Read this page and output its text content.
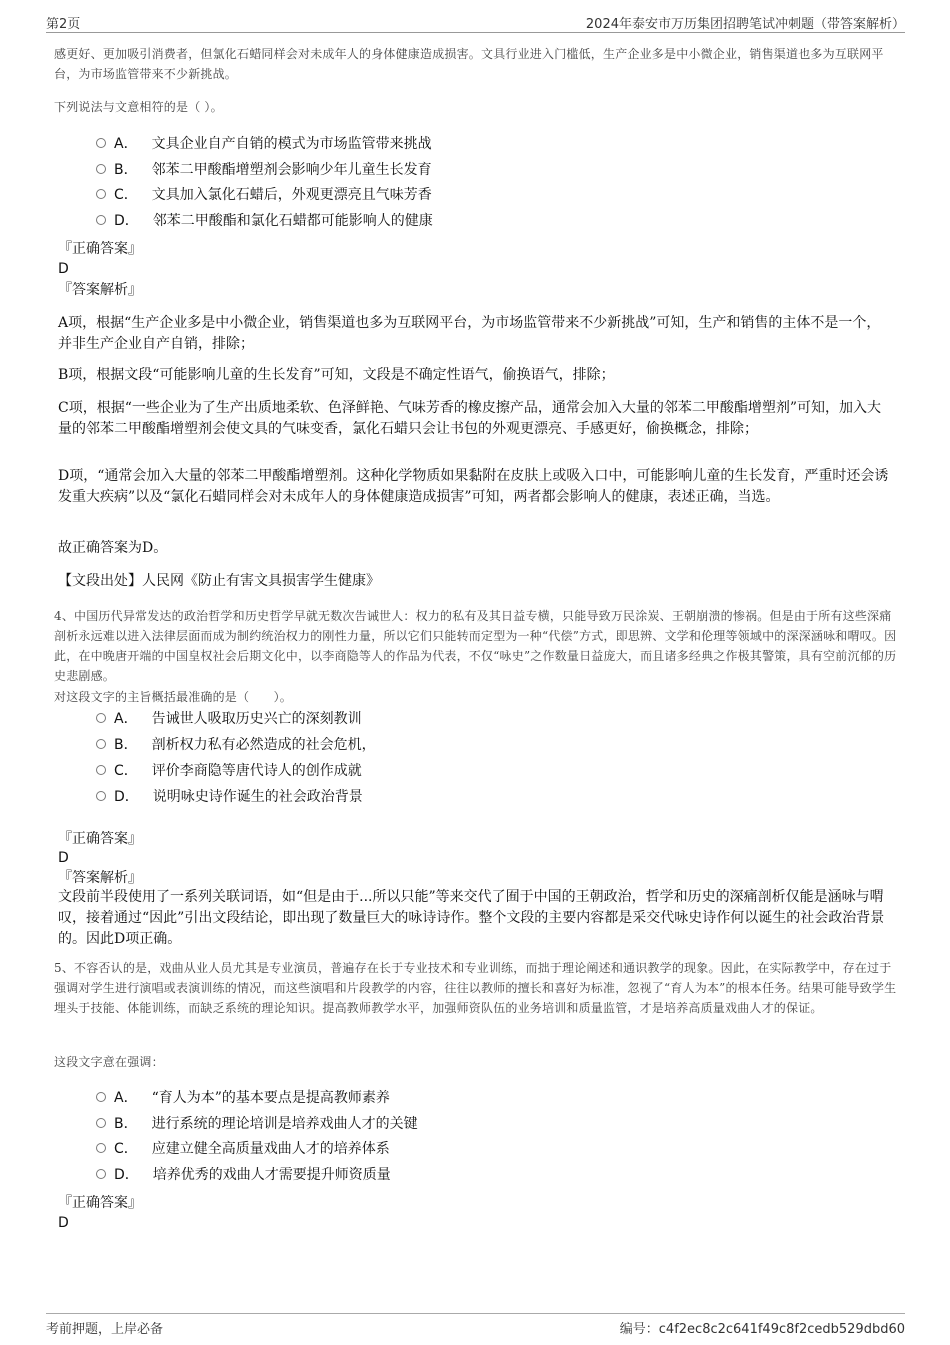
第2页	2024年泰安市万历集团招聘笔试冲刺题（带答案解析）

感更好、更加吸引消费者，但氯化石蜡同样会对未成年人的身体健康造成损害。文具行业进入门槛低，生产企业多是中小微企业，销售渠道也多为互联网平台，为市场监管带来不少新挑战。

下列说法与文意相符的是（ ）。

A． 文具企业自产自销的模式为市场监管带来挑战
B． 邻苯二甲酸酯增塑剂会影响少年儿童生长发育
C． 文具加入氯化石蜡后，外观更漂亮且气味芳香
D． 邻苯二甲酸酯和氯化石蜡都可能影响人的健康

『正确答案』

D

『答案解析』

A项，根据“生产企业多是中小微企业，销售渠道也多为互联网平台，为市场监管带来不少新挑战”可知，生产和销售的主体不是一个，并非生产企业自产自销，排除；

B项，根据文段“可能影响儿童的生长发育”可知，文段是不确定性语气，偷换语气，排除；

C项，根据“一些企业为了生产出质地柔软、色泽鲜艳、气味芳香的橡皮擦产品，通常会加入大量的邻苯二甲酸酯增塑剂”可知，加入大量的邻苯二甲酸酯增塑剂会使文具的气味变香，氯化石蜡只会让书包的外观更漂亮、手感更好，偷换概念，排除；

D项，“通常会加入大量的邻苯二甲酸酯增塑剂。这种化学物质如果黏附在皮肤上或吸入口中，可能影响儿童的生长发育，严重时还会诱发重大疾病”以及“氯化石蜡同样会对未成年人的身体健康造成损害”可知，两者都会影响人的健康，表述正确，当选。

故正确答案为D。

【文段出处】人民网《防止有害文具损害学生健康》

4、中国历代异常发达的政治哲学和历史哲学早就无数次告诫世人：权力的私有及其日益专横，只能导致万民涂炭、王朝崩溃的惨祸。但是由于所有这些深痛剖析永远难以进入法律层面而成为制约统治权力的刚性力量，所以它们只能转而定型为一种“代偿”方式，即思辨、文学和伦理等领域中的深深涵咏和喟叹。因此，在中晚唐开端的中国皇权社会后期文化中，以李商隐等人的作品为代表，不仅“咏史”之作数量日益庞大，而且诸多经典之作极其警策，具有空前沉郁的历史悲剧感。

对这段文字的主旨概括最准确的是（　　）。

A． 告诫世人吸取历史兴亡的深刻教训
B． 剖析权力私有必然造成的社会危机，
C． 评价李商隐等唐代诗人的创作成就
D． 说明咏史诗作诞生的社会政治背景

『正确答案』

D

『答案解析』

文段前半段使用了一系列关联词语，如“但是由于...所以只能”等来交代了囿于中国的王朝政治，哲学和历史的深痛剖析仅能是涵咏与喟叹，接着通过“因此”引出文段结论，即出现了数量巨大的咏诗诗作。整个文段的主要内容都是采交代咏史诗作何以诞生的社会政治背景的。因此D项正确。

5、不容否认的是，戏曲从业人员尤其是专业演员，普遍存在长于专业技术和专业训练，而拙于理论阐述和通识教学的现象。因此，在实际教学中，存在过于强调对学生进行演唱或表演训练的情况，而这些演唱和片段教学的内容，往往以教师的擅长和喜好为标准，忽视了“育人为本”的根本任务。结果可能导致学生埋头于技能、体能训练，而缺乏系统的理论知识。提高教师教学水平，加强师资队伍的业务培训和质量监管，才是培养高质量戏曲人才的保证。

这段文字意在强调：

A． “育人为本”的基本要点是提高教师素养
B． 进行系统的理论培训是培养戏曲人才的关键
C． 应建立健全高质量戏曲人才的培养体系
D． 培养优秀的戏曲人才需要提升师资质量

『正确答案』

D

考前押题，上岸必备	编号：c4f2ec8c2c641f49c8f2cedb529dbd60
